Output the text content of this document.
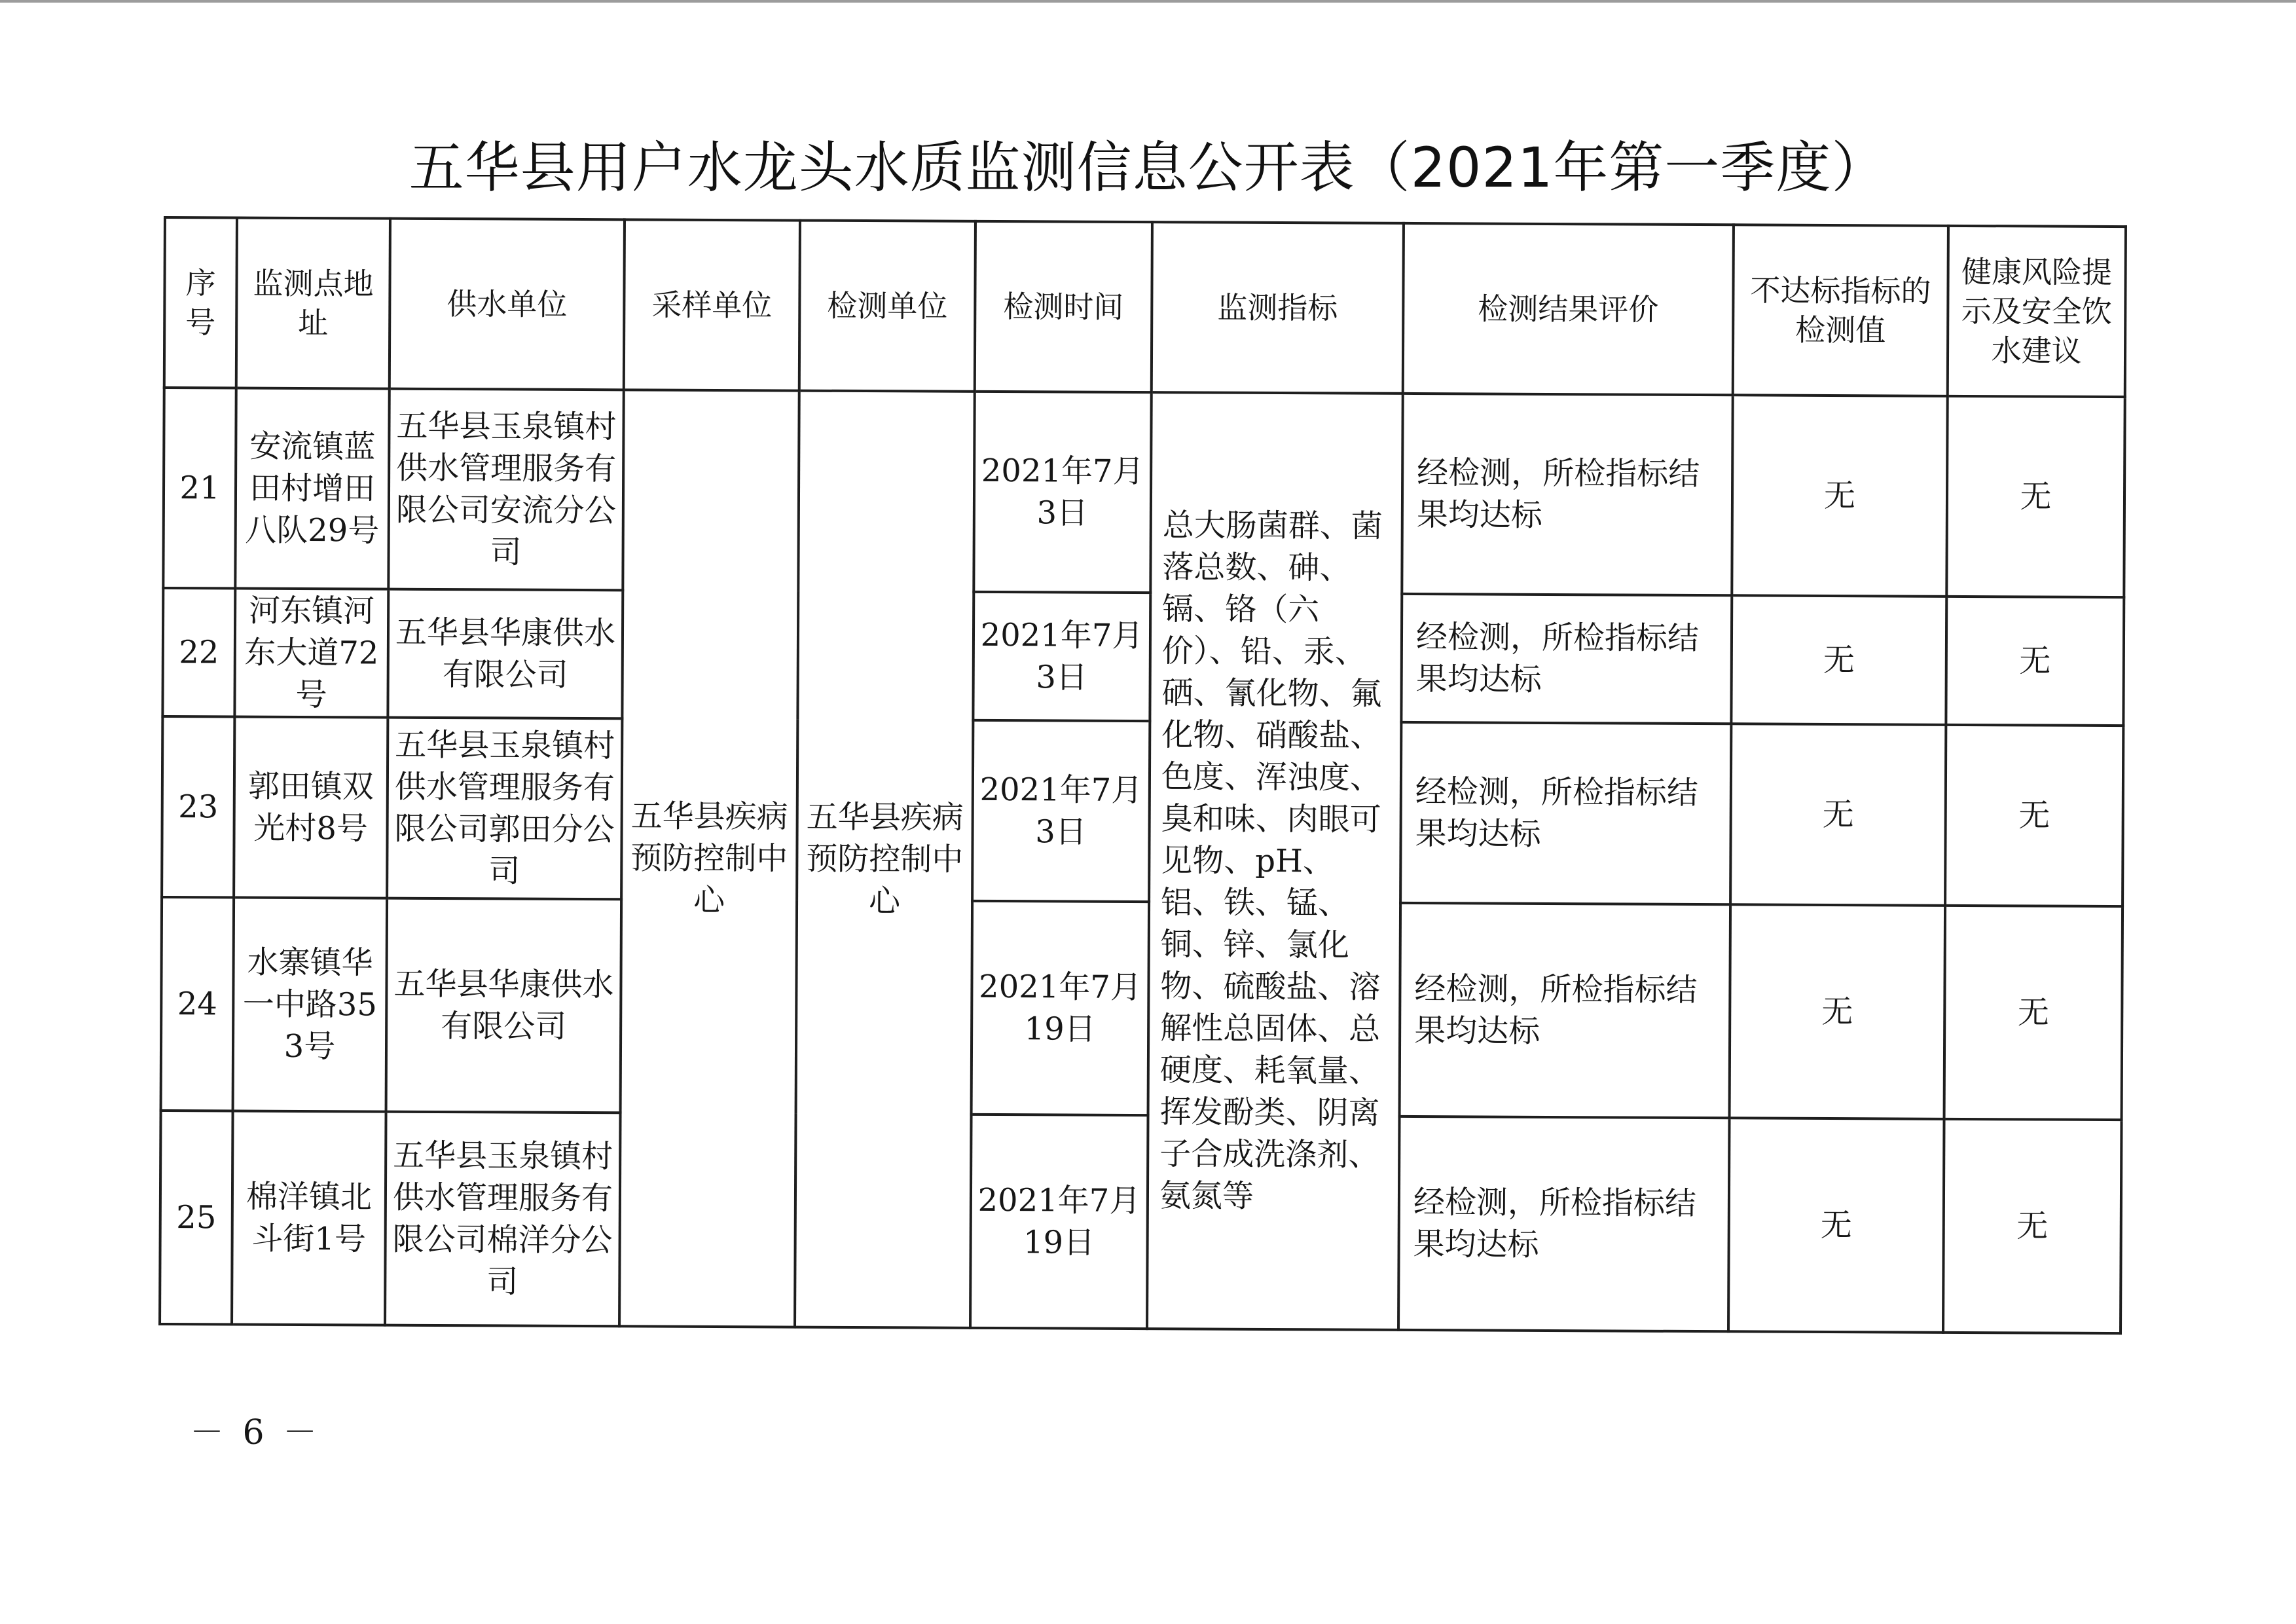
五华县用户水龙头水质监测信息公开表（2021年第一季度）
序号	监测点地址	供水单位	采样单位	检测单位	检测时间	监测指标	检测结果评价	不达标指标的检测值	健康风险提示及安全饮水建议
21	安流镇蓝田村增田八队29号	五华县玉泉镇村供水管理服务有限公司安流分公司	五华县疾病预防控制中心	五华县疾病预防控制中心	2021年7月3日	总大肠菌群、菌落总数、砷、镉、铬（六价）、铅、汞、硒、氰化物、氟化物、硝酸盐、色度、浑浊度、臭和味、肉眼可见物、pH、铝、铁、锰、铜、锌、氯化物、硫酸盐、溶解性总固体、总硬度、耗氧量、挥发酚类、阴离子合成洗涤剂、氨氮等	经检测，所检指标结果均达标	无	无
22	河东镇河东大道72号	五华县华康供水有限公司			2021年7月3日		经检测，所检指标结果均达标	无	无
23	郭田镇双光村8号	五华县玉泉镇村供水管理服务有限公司郭田分公司			2021年7月3日		经检测，所检指标结果均达标	无	无
24	水寨镇华一中路353号	五华县华康供水有限公司			2021年7月19日		经检测，所检指标结果均达标	无	无
25	棉洋镇北斗街1号	五华县玉泉镇村供水管理服务有限公司棉洋分公司			2021年7月19日		经检测，所检指标结果均达标	无	无
－ 6 －
